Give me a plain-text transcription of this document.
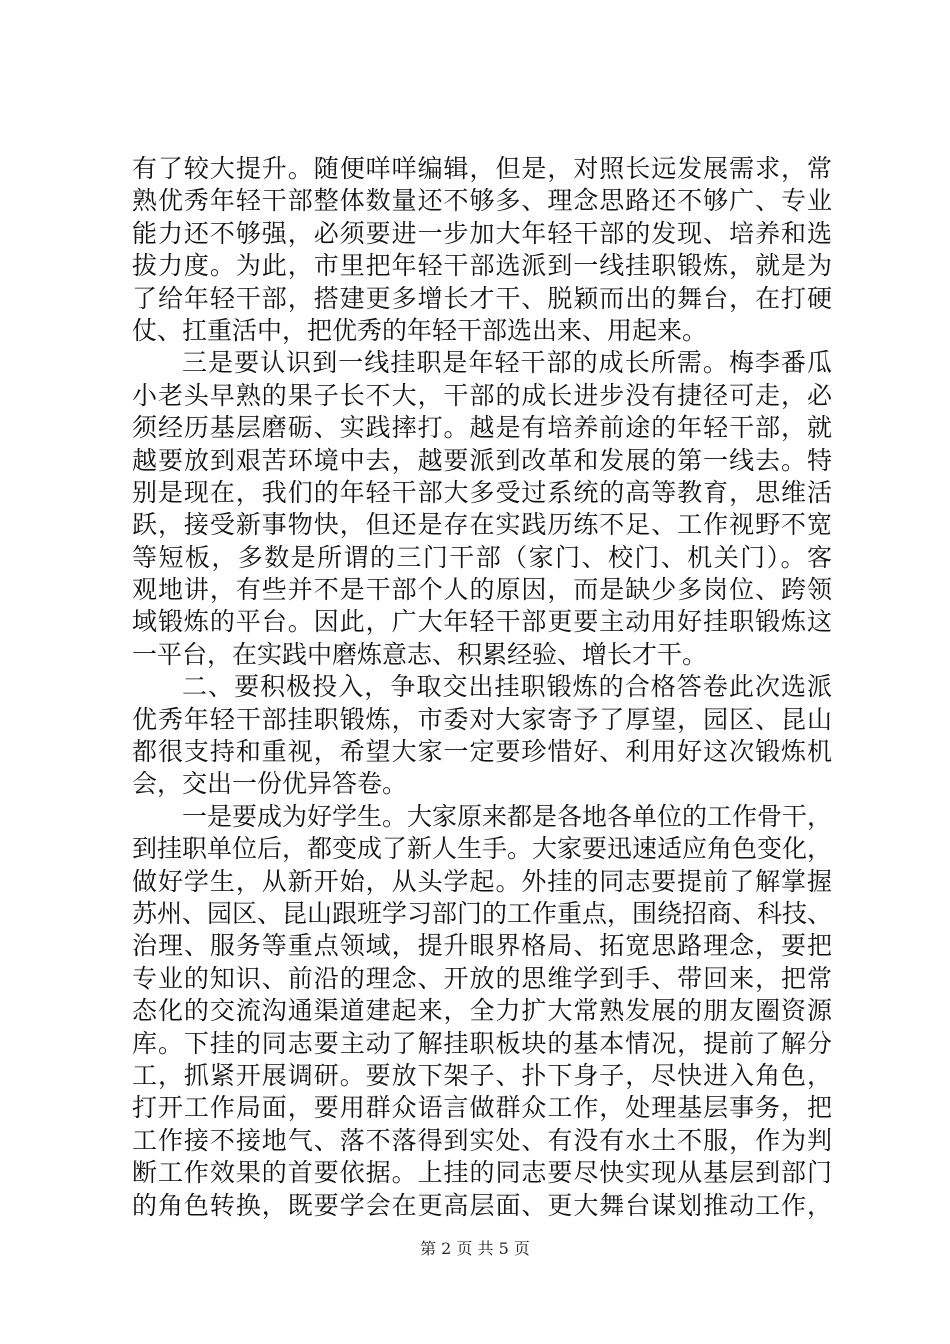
有了较大提升。随便咩咩编辑，但是，对照长远发展需求，常
熟优秀年轻干部整体数量还不够多、理念思路还不够广、专业
能力还不够强，必须要进一步加大年轻干部的发现、培养和选
拔力度。为此，市里把年轻干部选派到一线挂职锻炼，就是为
了给年轻干部，搭建更多增长才干、脱颖而出的舞台，在打硬
仗、扛重活中，把优秀的年轻干部选出来、用起来。
三是要认识到一线挂职是年轻干部的成长所需。梅李番瓜
小老头早熟的果子长不大，干部的成长进步没有捷径可走，必
须经历基层磨砺、实践摔打。越是有培养前途的年轻干部，就
越要放到艰苦环境中去，越要派到改革和发展的第一线去。特
别是现在，我们的年轻干部大多受过系统的高等教育，思维活
跃，接受新事物快，但还是存在实践历练不足、工作视野不宽
等短板，多数是所谓的三门干部（家门、校门、机关门）。客
观地讲，有些并不是干部个人的原因，而是缺少多岗位、跨领
域锻炼的平台。因此，广大年轻干部更要主动用好挂职锻炼这
一平台，在实践中磨炼意志、积累经验、增长才干。
二、要积极投入，争取交出挂职锻炼的合格答卷此次选派
优秀年轻干部挂职锻炼，市委对大家寄予了厚望，园区、昆山
都很支持和重视，希望大家一定要珍惜好、利用好这次锻炼机
会，交出一份优异答卷。
一是要成为好学生。大家原来都是各地各单位的工作骨干，
到挂职单位后，都变成了新人生手。大家要迅速适应角色变化，
做好学生，从新开始，从头学起。外挂的同志要提前了解掌握
苏州、园区、昆山跟班学习部门的工作重点，围绕招商、科技、
治理、服务等重点领域，提升眼界格局、拓宽思路理念，要把
专业的知识、前沿的理念、开放的思维学到手、带回来，把常
态化的交流沟通渠道建起来，全力扩大常熟发展的朋友圈资源
库。下挂的同志要主动了解挂职板块的基本情况，提前了解分
工，抓紧开展调研。要放下架子、扑下身子，尽快进入角色，
打开工作局面，要用群众语言做群众工作，处理基层事务，把
工作接不接地气、落不落得到实处、有没有水土不服，作为判
断工作效果的首要依据。上挂的同志要尽快实现从基层到部门
的角色转换，既要学会在更高层面、更大舞台谋划推动工作，
第 2 页 共 5 页
